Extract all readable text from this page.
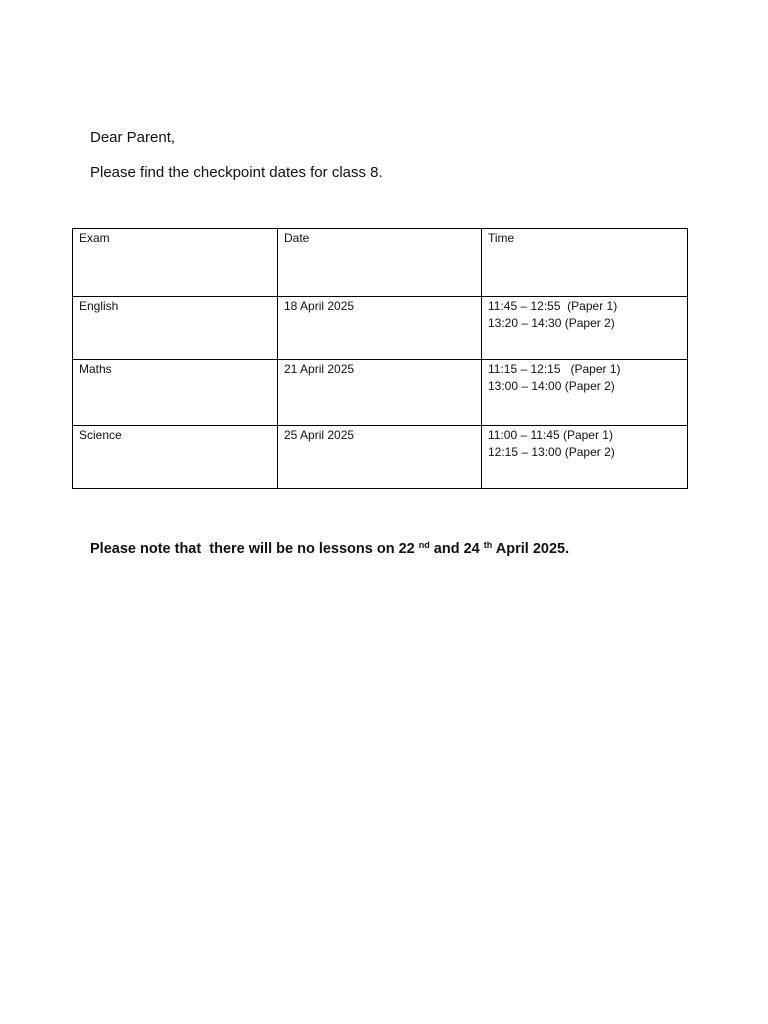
Dear Parent,
Please find the checkpoint dates for class 8.
Exam	Date	Time
English	18 April 2025	11:45 – 12:55  (Paper 1)
13:20 – 14:30 (Paper 2)

Maths	21 April 2025	11:15 – 12:15   (Paper 1)
13:00 – 14:00 (Paper 2)

Science	25 April 2025	11:00 – 11:45 (Paper 1)
12:15 – 13:00 (Paper 2)
Please note that  there will be no lessons on 22 $^{nd}$ and 24 $^{th}$ April 2025.
